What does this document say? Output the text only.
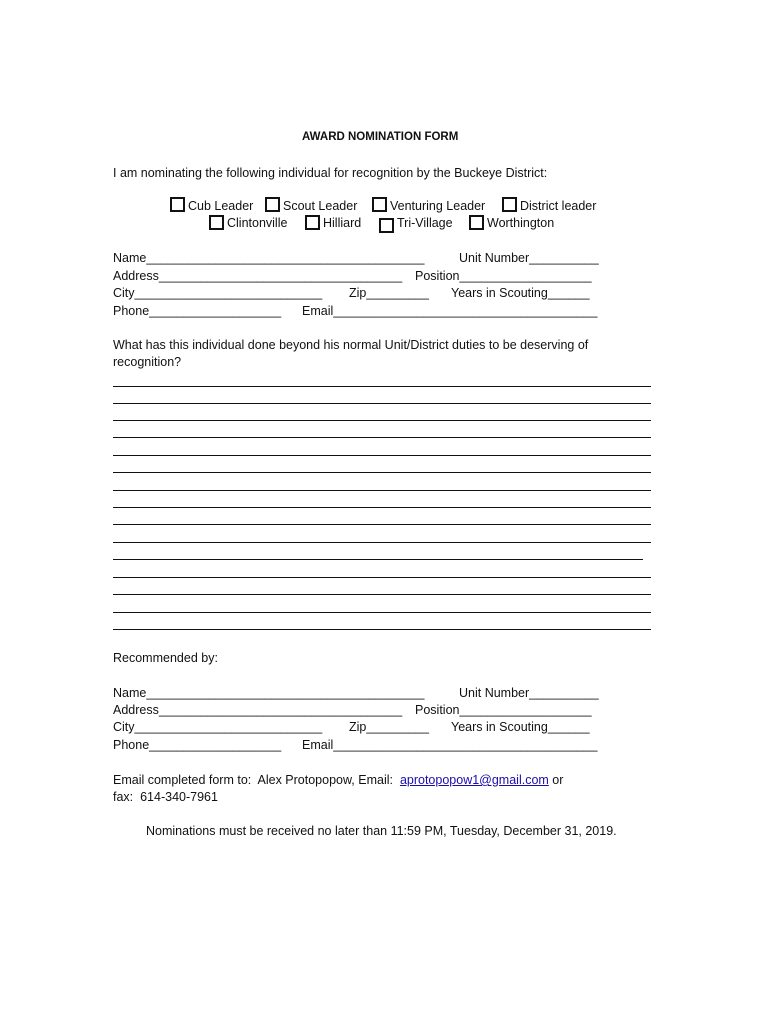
AWARD NOMINATION FORM
I am nominating the following individual for recognition by the Buckeye District:
Cub Leader Scout Leader	Venturing Leader	District leader
Clintonville	Hilliard	Tri-Village	Worthington
Name________________________________________	Unit Number__________
Address___________________________________ Position___________________
City___________________________ Zip_________ Years in Scouting______
Phone___________________ Email______________________________________
What has this individual done beyond his normal Unit/District duties to be deserving of
recognition?
Recommended by:
Name________________________________________	Unit Number__________
Address___________________________________ Position___________________
City___________________________ Zip_________ Years in Scouting______
Phone___________________ Email______________________________________
Email completed form to:  Alex Protopopow, Email:  aprotopopow1@gmail.com or
fax:  614-340-7961
Nominations must be received no later than 11:59 PM, Tuesday, December 31, 2019.
